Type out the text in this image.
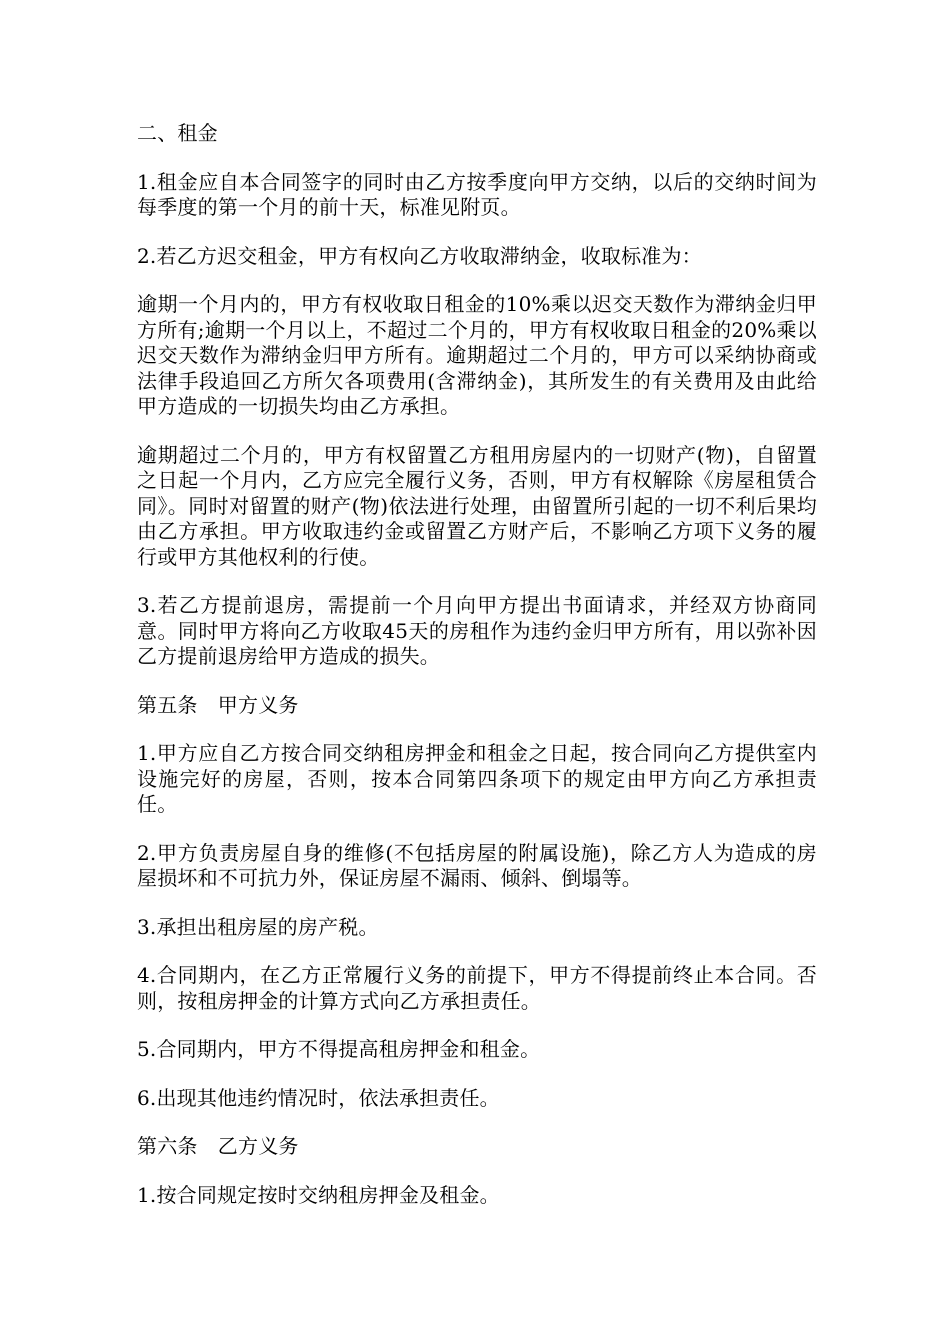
二、租金

1.租金应自本合同签字的同时由乙方按季度向甲方交纳，以后的交纳时间为每季度的第一个月的前十天，标准见附页。

2.若乙方迟交租金，甲方有权向乙方收取滞纳金，收取标准为：

逾期一个月内的，甲方有权收取日租金的10%乘以迟交天数作为滞纳金归甲方所有;逾期一个月以上，不超过二个月的，甲方有权收取日租金的20%乘以迟交天数作为滞纳金归甲方所有。逾期超过二个月的，甲方可以采纳协商或法律手段追回乙方所欠各项费用(含滞纳金)，其所发生的有关费用及由此给甲方造成的一切损失均由乙方承担。

逾期超过二个月的，甲方有权留置乙方租用房屋内的一切财产(物)，自留置之日起一个月内，乙方应完全履行义务，否则，甲方有权解除《房屋租赁合同》。同时对留置的财产(物)依法进行处理，由留置所引起的一切不利后果均由乙方承担。甲方收取违约金或留置乙方财产后，不影响乙方项下义务的履行或甲方其他权利的行使。

3.若乙方提前退房，需提前一个月向甲方提出书面请求，并经双方协商同意。同时甲方将向乙方收取45天的房租作为违约金归甲方所有，用以弥补因乙方提前退房给甲方造成的损失。

第五条　甲方义务

1.甲方应自乙方按合同交纳租房押金和租金之日起，按合同向乙方提供室内设施完好的房屋，否则，按本合同第四条项下的规定由甲方向乙方承担责任。

2.甲方负责房屋自身的维修(不包括房屋的附属设施)，除乙方人为造成的房屋损坏和不可抗力外，保证房屋不漏雨、倾斜、倒塌等。

3.承担出租房屋的房产税。

4.合同期内，在乙方正常履行义务的前提下，甲方不得提前终止本合同。否则，按租房押金的计算方式向乙方承担责任。

5.合同期内，甲方不得提高租房押金和租金。

6.出现其他违约情况时，依法承担责任。

第六条　乙方义务

1.按合同规定按时交纳租房押金及租金。
